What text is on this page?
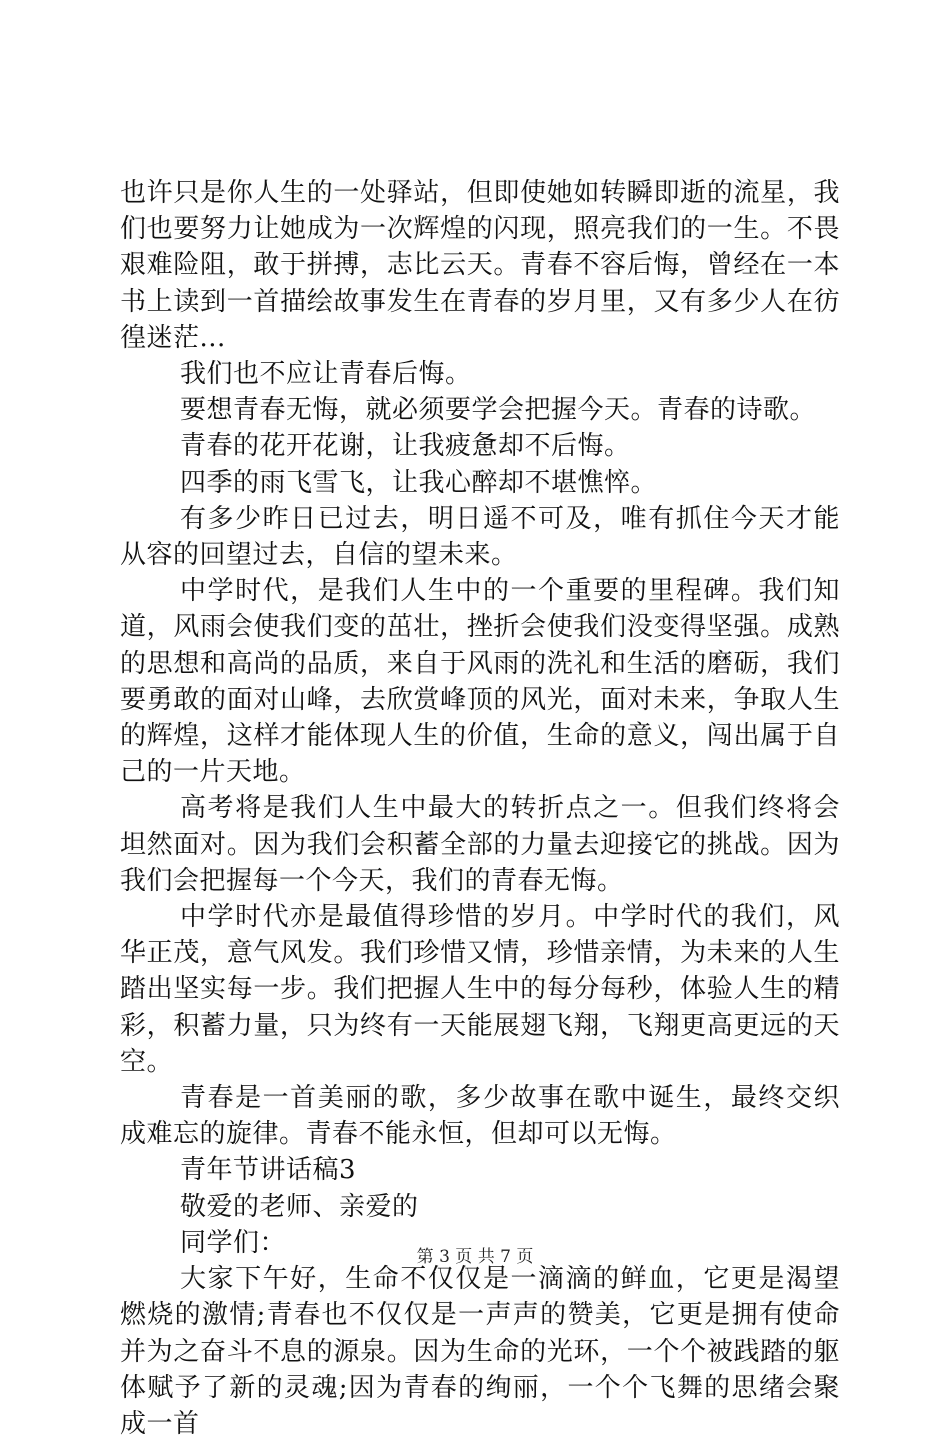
也许只是你人生的一处驿站，但即使她如转瞬即逝的流星，我们也要努力让她成为一次辉煌的闪现，照亮我们的一生。不畏艰难险阻，敢于拼搏，志比云天。青春不容后悔，曾经在一本书上读到一首描绘故事发生在青春的岁月里，又有多少人在彷徨迷茫...

我们也不应让青春后悔。

要想青春无悔，就必须要学会把握今天。青春的诗歌。

青春的花开花谢，让我疲惫却不后悔。

四季的雨飞雪飞，让我心醉却不堪憔悴。

有多少昨日已过去，明日遥不可及，唯有抓住今天才能从容的回望过去，自信的望未来。

中学时代，是我们人生中的一个重要的里程碑。我们知道，风雨会使我们变的茁壮，挫折会使我们没变得坚强。成熟的思想和高尚的品质，来自于风雨的洗礼和生活的磨砺，我们要勇敢的面对山峰，去欣赏峰顶的风光，面对未来，争取人生的辉煌，这样才能体现人生的价值，生命的意义，闯出属于自己的一片天地。

高考将是我们人生中最大的转折点之一。但我们终将会坦然面对。因为我们会积蓄全部的力量去迎接它的挑战。因为我们会把握每一个今天，我们的青春无悔。

中学时代亦是最值得珍惜的岁月。中学时代的我们，风华正茂，意气风发。我们珍惜又情，珍惜亲情，为未来的人生踏出坚实每一步。我们把握人生中的每分每秒，体验人生的精彩，积蓄力量，只为终有一天能展翅飞翔，飞翔更高更远的天空。

青春是一首美丽的歌，多少故事在歌中诞生，最终交织成难忘的旋律。青春不能永恒，但却可以无悔。

青年节讲话稿3

敬爱的老师、亲爱的

同学们：

大家下午好，生命不仅仅是一滴滴的鲜血，它更是渴望燃烧的激情;青春也不仅仅是一声声的赞美，它更是拥有使命并为之奋斗不息的源泉。因为生命的光环，一个个被践踏的躯体赋予了新的灵魂;因为青春的绚丽，一个个飞舞的思绪会聚成一首

第 3 页 共 7 页
